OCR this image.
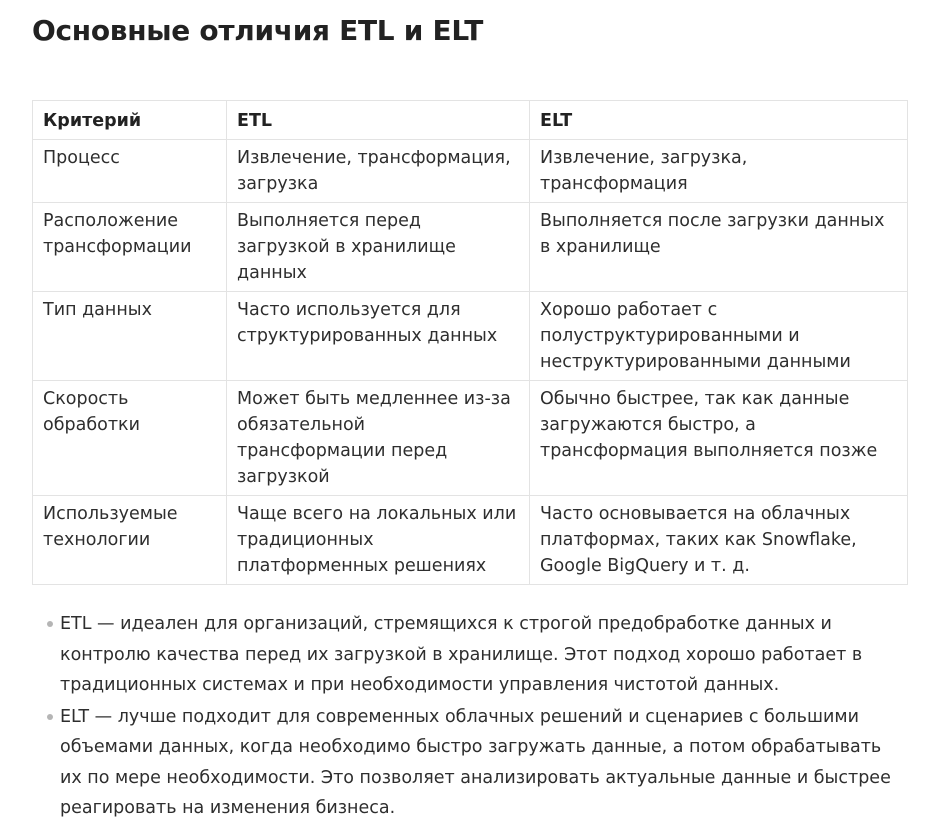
Основные отличия ETL и ELT
Критерий	ETL	ELT
Процесс	Извлечение, трансформация, загрузка	Извлечение, загрузка, трансформация
Расположение трансформации	Выполняется перед загрузкой в хранилище данных	Выполняется после загрузки данных в хранилище
Тип данных	Часто используется для структурированных данных	Хорошо работает с полуструктурированными и неструктурированными данными
Скорость обработки	Может быть медленнее из-за обязательной трансформации перед загрузкой	Обычно быстрее, так как данные загружаются быстро, а трансформация выполняется позже
Используемые технологии	Чаще всего на локальных или традиционных платформенных решениях	Часто основывается на облачных платформах, таких как Snowflake, Google BigQuery и т. д.
ETL — идеален для организаций, стремящихся к строгой предобработке данных и контролю качества перед их загрузкой в хранилище. Этот подход хорошо работает в традиционных системах и при необходимости управления чистотой данных.
ELT — лучше подходит для современных облачных решений и сценариев с большими объемами данных, когда необходимо быстро загружать данные, а потом обрабатывать их по мере необходимости. Это позволяет анализировать актуальные данные и быстрее реагировать на изменения бизнеса.
